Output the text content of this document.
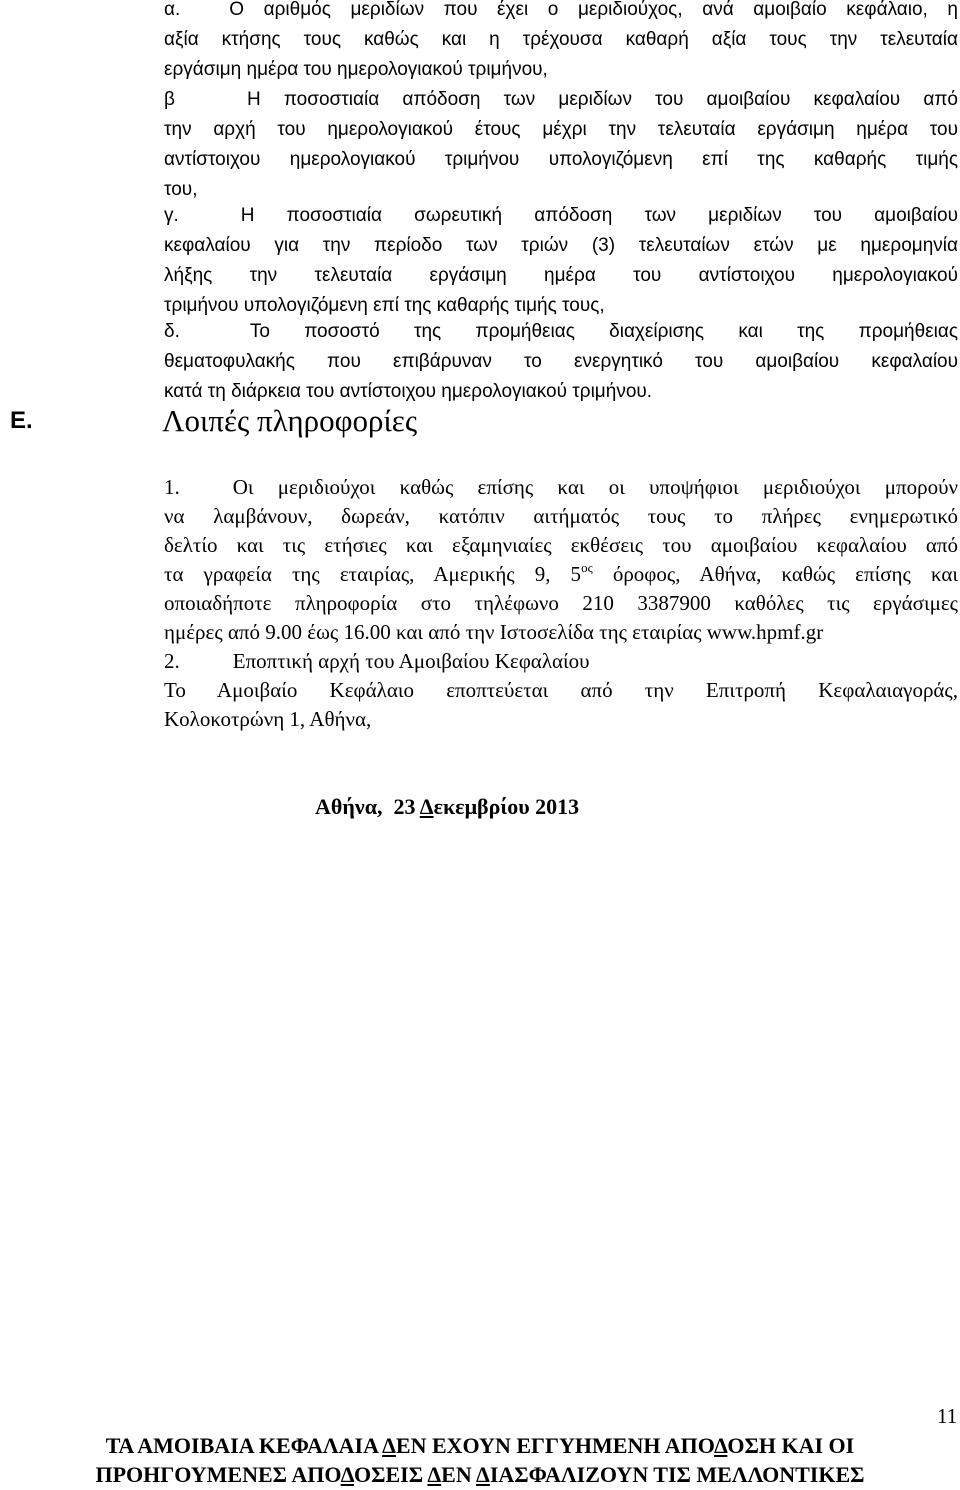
α.	Ο αριθμός μεριδίων που έχει ο μεριδιούχος, ανά αμοιβαίο κεφάλαιο, η
αξία κτήσης τους καθώς και η τρέχουσα καθαρή αξία τους την τελευταία
εργάσιμη ημέρα του ημερολογιακού τριμήνου,
β	Η ποσοστιαία απόδοση των μεριδίων του αμοιβαίου κεφαλαίου από
την αρχή του ημερολογιακού έτους μέχρι την τελευταία εργάσιμη ημέρα του
αντίστοιχου ημερολογιακού τριμήνου υπολογιζόμενη επί της καθαρής τιμής
του,
γ.	Η ποσοστιαία σωρευτική απόδοση των μεριδίων του αμοιβαίου
κεφαλαίου για την περίοδο των τριών (3) τελευταίων ετών με ημερομηνία
λήξης την τελευταία εργάσιμη ημέρα του αντίστοιχου ημερολογιακού
τριμήνου υπολογιζόμενη επί της καθαρής τιμής τους,
δ.	Το ποσοστό της προμήθειας διαχείρισης και της προμήθειας
θεματοφυλακής που επιβάρυναν το ενεργητικό του αμοιβαίου κεφαλαίου
κατά τη διάρκεια του αντίστοιχου ημερολογιακού τριμήνου.
Ε.	Λοιπές πληροφορίες
1.	Οι μεριδιούχοι καθώς επίσης και οι υποψήφιοι μεριδιούχοι μπορούν
να λαμβάνουν, δωρεάν, κατόπιν αιτήματός τους το πλήρες ενημερωτικό
δελτίο και τις ετήσιες και εξαμηνιαίες εκθέσεις του αμοιβαίου κεφαλαίου από
τα γραφεία της εταιρίας, Αμερικής 9, $5^{o\varsigma}$ όροφος, Αθήνα, καθώς επίσης και
οποιαδήποτε πληροφορία στο τηλέφωνο 210 3387900 καθόλες τις εργάσιμες
ημέρες από 9.00 έως 16.00 και από την Ιστοσελίδα της εταιρίας www.hpmf.gr
2.	Εποπτική αρχή του Αμοιβαίου Κεφαλαίου
Το Αμοιβαίο Κεφάλαιο εποπτεύεται από την Επιτροπή Κεφαλαιαγοράς,
Κολοκοτρώνη 1, Αθήνα,
Αθήνα,  23 Δεκεμβρίου 2013
11
ΤΑ ΑΜΟΙΒΑΙΑ ΚΕΦΑΛΑΙΑ ΔΕΝ ΕΧΟΥΝ ΕΓΓΥΗΜΕΝΗ ΑΠΟΔΟΣΗ ΚΑΙ ΟΙ
ΠΡΟΗΓΟΥΜΕΝΕΣ ΑΠΟΔΟΣΕΙΣ ΔΕΝ ΔΙΑΣΦΑΛΙΖΟΥΝ ΤΙΣ ΜΕΛΛΟΝΤΙΚΕΣ
